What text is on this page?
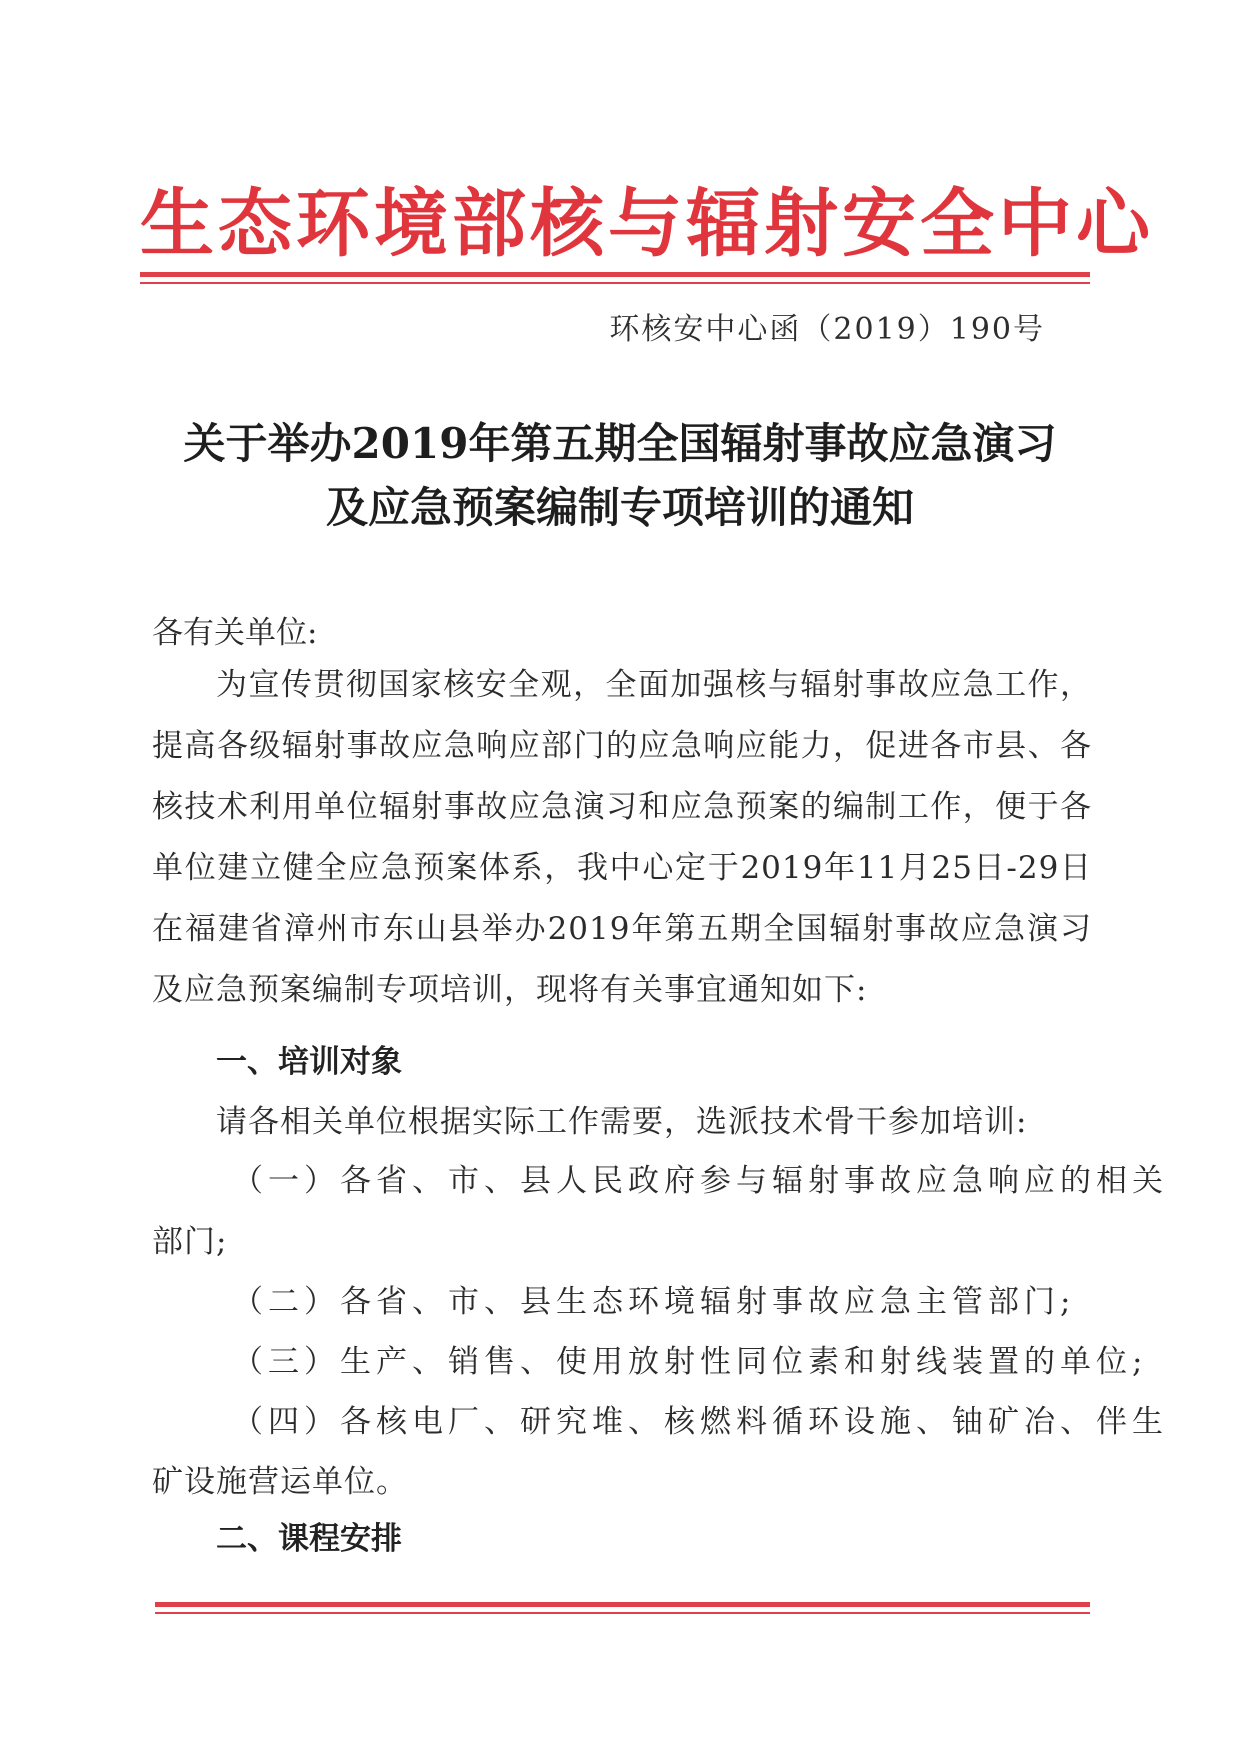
生态环境部核与辐射安全中心
环核安中心函（2019）190号
关于举办2019年第五期全国辐射事故应急演习
及应急预案编制专项培训的通知
各有关单位:
为宣传贯彻国家核安全观，全面加强核与辐射事故应急工作，提高各级辐射事故应急响应部门的应急响应能力，促进各市县、各核技术利用单位辐射事故应急演习和应急预案的编制工作，便于各单位建立健全应急预案体系，我中心定于2019年11月25日-29日在福建省漳州市东山县举办2019年第五期全国辐射事故应急演习及应急预案编制专项培训，现将有关事宜通知如下:
一、培训对象
请各相关单位根据实际工作需要，选派技术骨干参加培训:
（一）各省、市、县人民政府参与辐射事故应急响应的相关
部门;
（二）各省、市、县生态环境辐射事故应急主管部门;
（三）生产、销售、使用放射性同位素和射线装置的单位;
（四）各核电厂、研究堆、核燃料循环设施、铀矿冶、伴生
矿设施营运单位。
二、课程安排
